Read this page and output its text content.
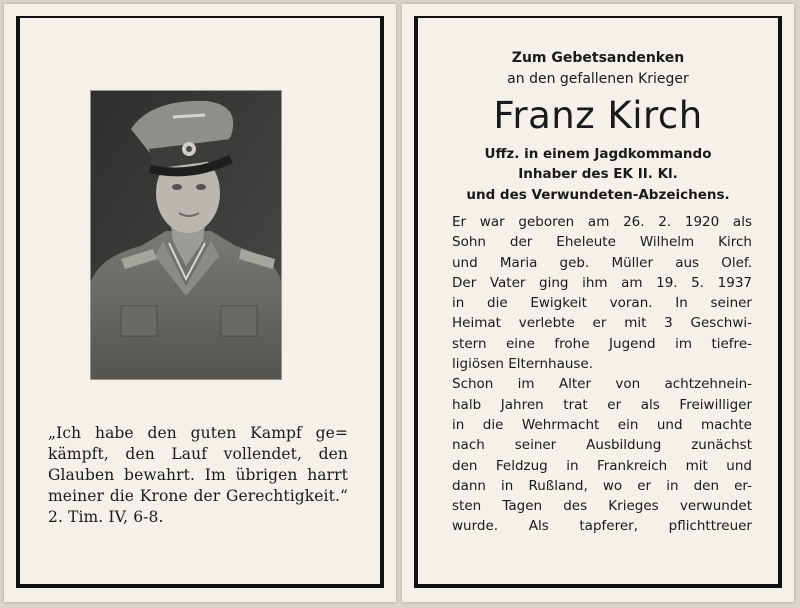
„Ich habe den guten Kampf ge=
kämpft, den Lauf vollendet, den
Glauben bewahrt. Im übrigen harrt
meiner die Krone der Gerechtigkeit.“
2. Tim. IV, 6-8.
Zum Gebetsandenken
an den gefallenen Krieger
Franz Kirch
Uffz. in einem Jagdkommando
Inhaber des EK II. Kl.
und des Verwundeten-Abzeichens.
Er war geboren am 26. 2. 1920 als
Sohn der Eheleute Wilhelm Kirch
und Maria geb. Müller aus Olef.
Der Vater ging ihm am 19. 5. 1937
in die Ewigkeit voran. In seiner
Heimat verlebte er mit 3 Geschwi-
stern eine frohe Jugend im tiefre-
ligiösen Elternhause.
Schon im Alter von achtzehnein-
halb Jahren trat er als Freiwilliger
in die Wehrmacht ein und machte
nach seiner Ausbildung zunächst
den Feldzug in Frankreich mit und
dann in Rußland, wo er in den er-
sten Tagen des Krieges verwundet
wurde. Als tapferer, pflichttreuer
